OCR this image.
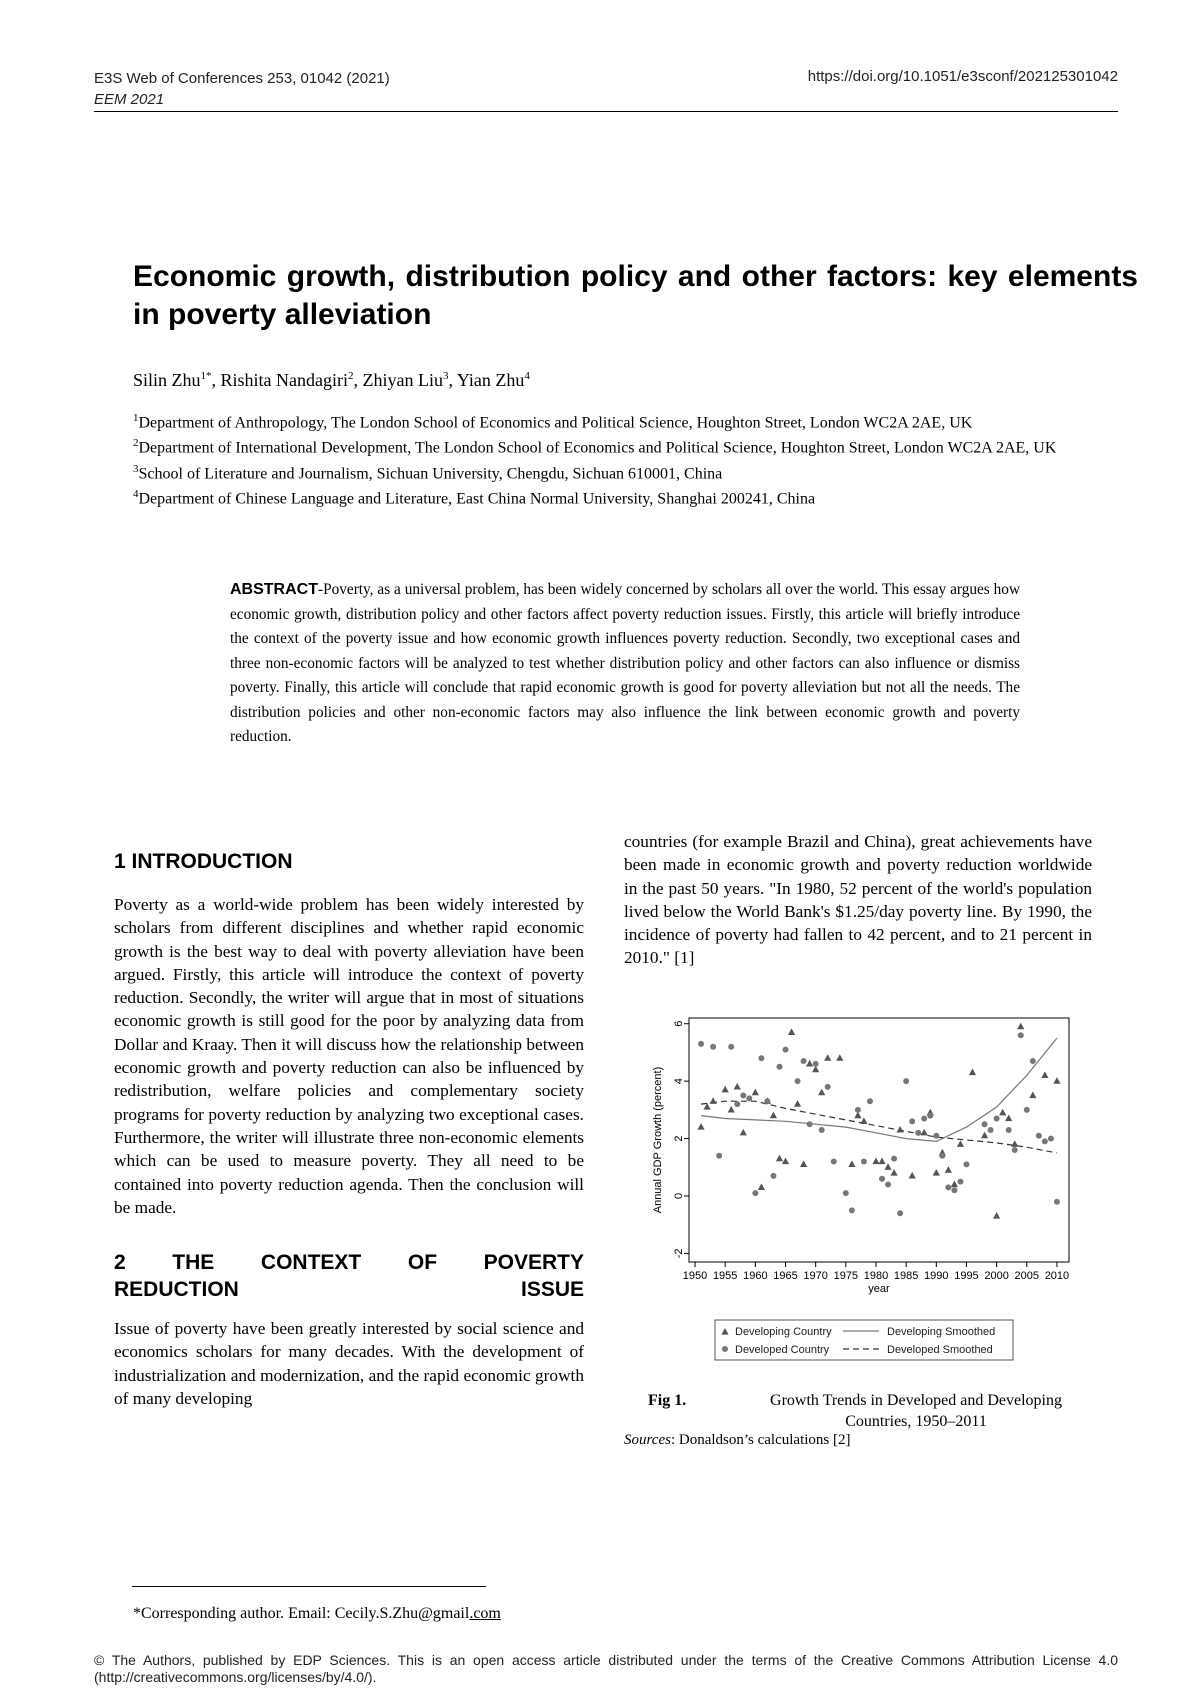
E3S Web of Conferences 253, 01042 (2021)
EEM 2021
https://doi.org/10.1051/e3sconf/202125301042
Economic growth, distribution policy and other factors: key elements in poverty alleviation
Silin Zhu$^{1*}$, Rishita Nandagiri$^2$, Zhiyan Liu$^3$, Yian Zhu$^4$

$^1$Department of Anthropology, The London School of Economics and Political Science, Houghton Street, London WC2A 2AE, UK

$^2$Department of International Development, The London School of Economics and Political Science, Houghton Street, London WC2A 2AE, UK

$^3$School of Literature and Journalism, Sichuan University, Chengdu, Sichuan 610001, China

$^4$Department of Chinese Language and Literature, East China Normal University, Shanghai 200241, China

ABSTRACT-Poverty, as a universal problem, has been widely concerned by scholars all over the world. This essay argues how economic growth, distribution policy and other factors affect poverty reduction issues. Firstly, this article will briefly introduce the context of the poverty issue and how economic growth influences poverty reduction. Secondly, two exceptional cases and three non-economic factors will be analyzed to test whether distribution policy and other factors can also influence or dismiss poverty. Finally, this article will conclude that rapid economic growth is good for poverty alleviation but not all the needs. The distribution policies and other non-economic factors may also influence the link between economic growth and poverty reduction.
1 INTRODUCTION

Poverty as a world-wide problem has been widely interested by scholars from different disciplines and whether rapid economic growth is the best way to deal with poverty alleviation have been argued. Firstly, this article will introduce the context of poverty reduction. Secondly, the writer will argue that in most of situations economic growth is still good for the poor by analyzing data from Dollar and Kraay. Then it will discuss how the relationship between economic growth and poverty reduction can also be influenced by redistribution, welfare policies and complementary society programs for poverty reduction by analyzing two exceptional cases. Furthermore, the writer will illustrate three non-economic elements which can be used to measure poverty. They all need to be contained into poverty reduction agenda. Then the conclusion will be made.

2 THE CONTEXT OF POVERTY
REDUCTION ISSUE

Issue of poverty have been greatly interested by social science and economics scholars for many decades. With the development of industrialization and modernization, and the rapid economic growth of many developing

countries (for example Brazil and China), great achievements have been made in economic growth and poverty reduction worldwide in the past 50 years. "In 1980, 52 percent of the world's population lived below the World Bank's $1.25/day poverty line. By 1990, the incidence of poverty had fallen to 42 percent, and to 21 percent in 2010." [1]

1950 1955 1960 1965 1970 1975 1980 1985 1990 1995 2000 2005 2010
-2
0
2
4
6
year
Annual GDP Growth (percent)
Developing Country
Developed Country
Developing Smoothed
Developed Smoothed
Fig 1.	Growth Trends in Developed and Developing Countries, 1950–2011
Sources: Donaldson’s calculations [2]
*Corresponding author. Email: Cecily.S.Zhu@gmail.com
© The Authors, published by EDP Sciences. This is an open access article distributed under the terms of the Creative Commons Attribution License 4.0 (http://creativecommons.org/licenses/by/4.0/).
